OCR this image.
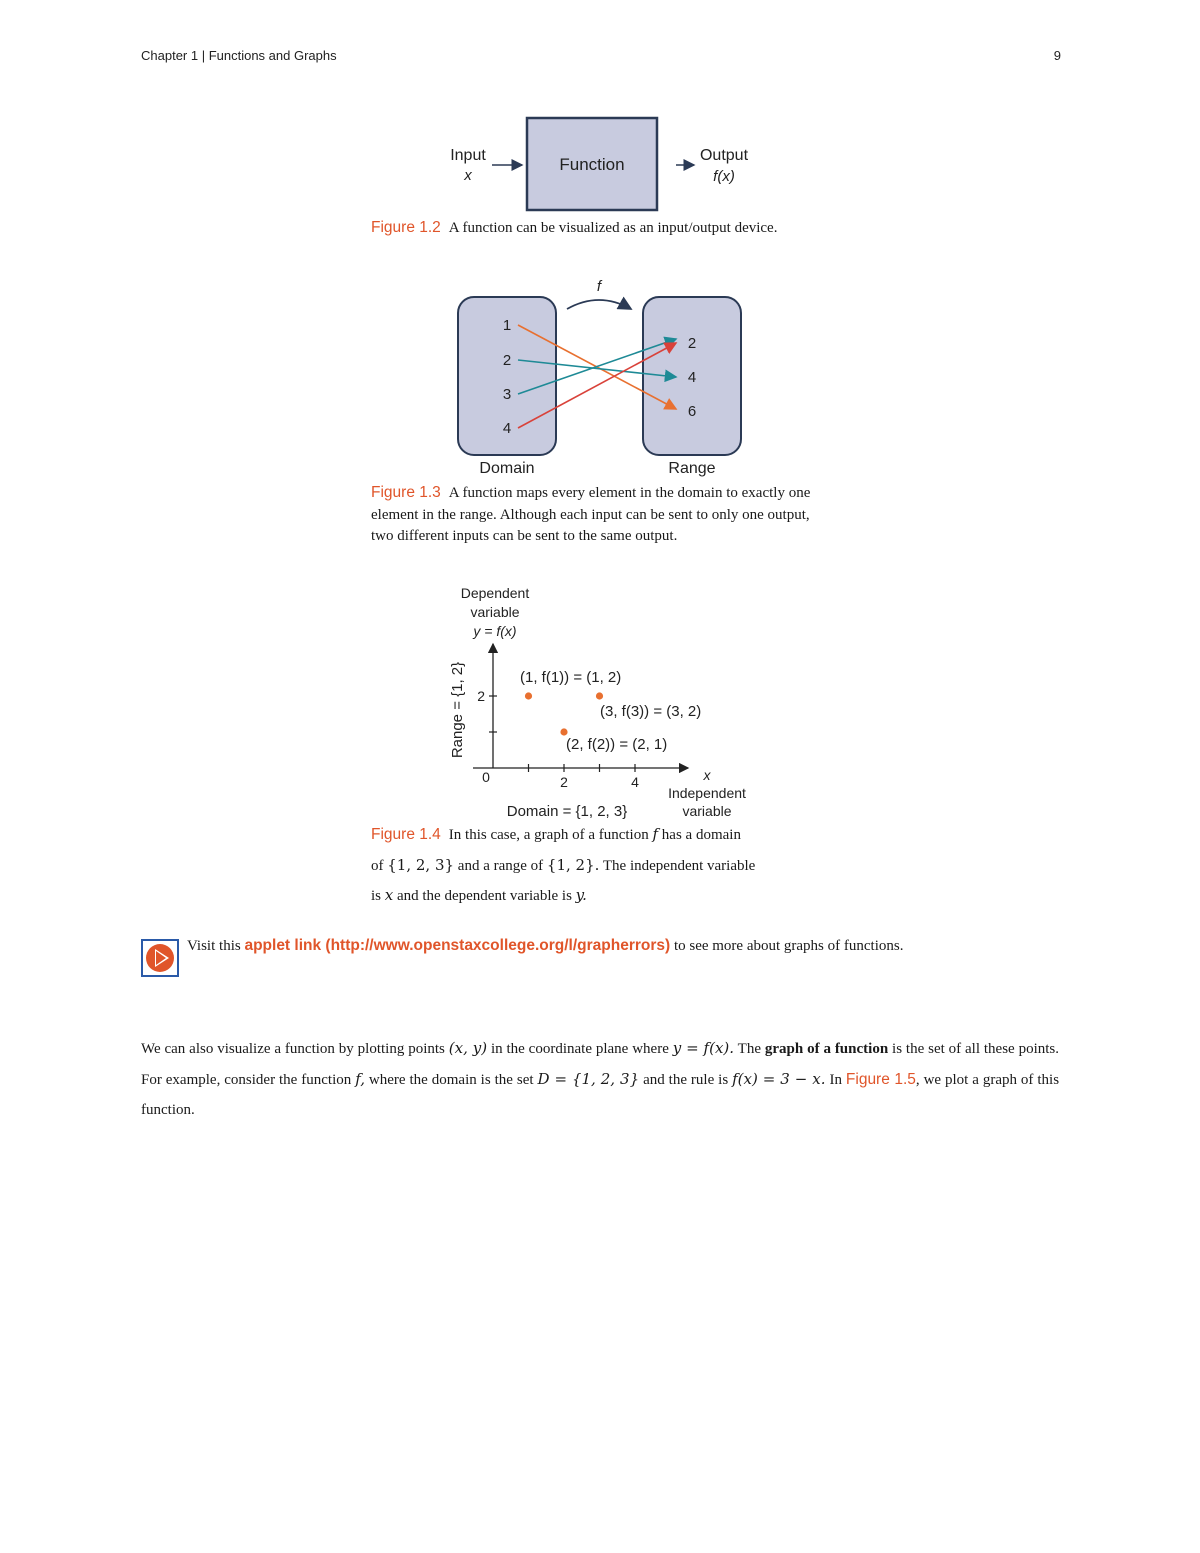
Chapter 1 | Functions and Graphs	9
Input
x
Function	Output
f(x)
Figure 1.2 A function can be visualized as an input/output device.
f
1
2
3
4
2
4
6
Domain	Range
Figure 1.3 A function maps every element in the domain to exactly one element in the range. Although each input can be sent to only one output, two different inputs can be sent to the same output.
Dependent
variable
y = f(x)
Range = {1, 2}
0	2	4
2
(1, f(1)) = (1, 2)
(3, f(3)) = (3, 2)
(2, f(2)) = (2, 1)
x
Independent
variable
Domain = {1, 2, 3}
Figure 1.4 In this case, a graph of a function f has a domain
of {1, 2, 3} and a range of {1, 2}. The independent variable
is x and the dependent variable is y.
Visit this applet link (http://www.openstaxcollege.org/l/grapherrors) to see more about graphs of functions.
We can also visualize a function by plotting points (x, y) in the coordinate plane where y = f(x). The graph of a function is the set of all these points. For example, consider the function f, where the domain is the set D = {1, 2, 3} and the rule is f(x) = 3 − x. In Figure 1.5, we plot a graph of this function.
